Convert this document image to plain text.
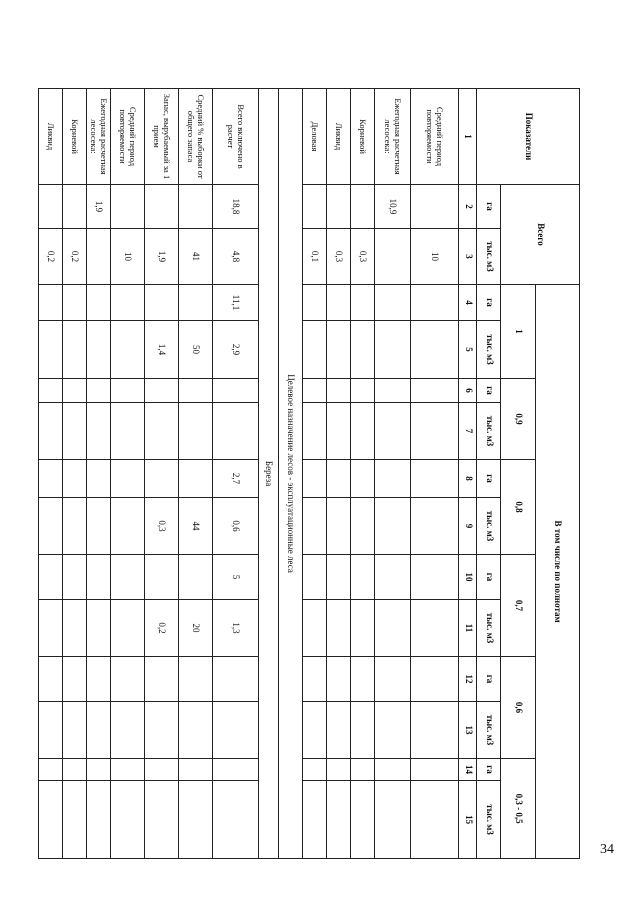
34
Показатели
1	Всего		В том числе по полнотам											
			1		0,9		0,8		0,7		0,6		0,3 - 0,5	
	га	тыс. м3	га	тыс. м3	га	тыс. м3	га	тыс. м3	га	тыс. м3	га	тыс. м3	га	тыс. м3
	2	3	4	5	6	7	8	9	10	11	12	13	14	15
Средний период повторяемости		10												
Ежегодная расчетная лесосека:	10,9													
Корневой		0,3												
Ликвид		0,3												
Деловая		0,1												
Целевое назначение лесов - эксплуатационные леса														
Береза														
Всего включено в расчет	18,8	4,8	11,1	2,9			2,7	0,6	5	1,3				
Средний % выборки от общего запаса		41		50				44		20				
Запас, вырубаемый за 1 прием		1,9		1,4				0,3		0,2				
Средний период повторяемости		10												
Ежегодная расчетная лесосека:	1,9													
Корневой		0,2												
Ликвид		0,2												
